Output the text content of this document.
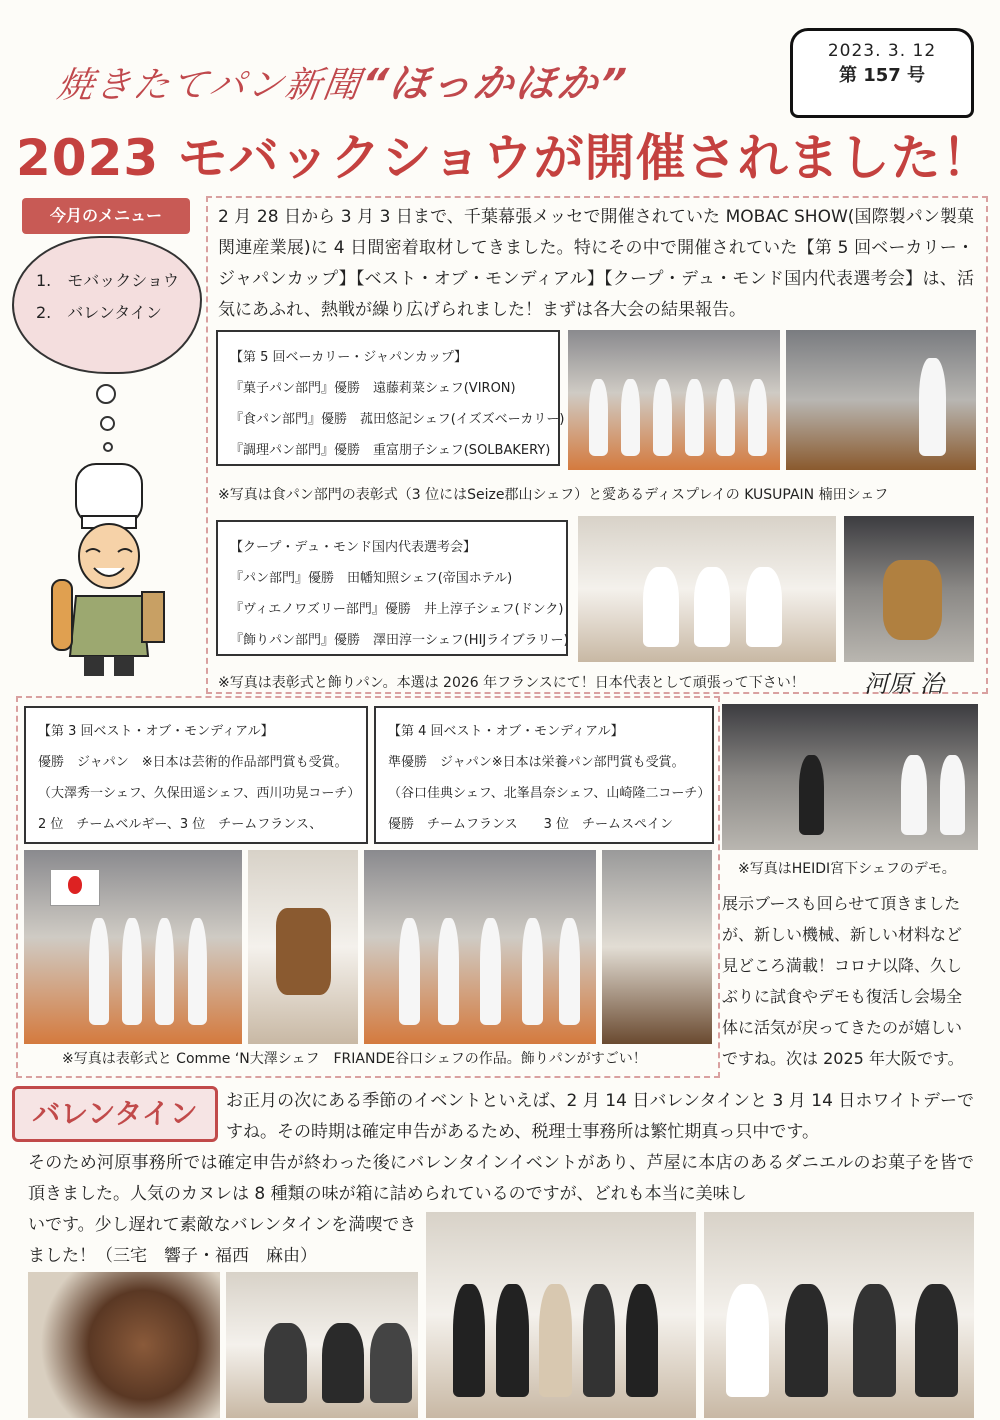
焼きたてパン新聞“ほっかほか”
2023. 3. 12
第 157 号
2023 モバックショウが開催されました！
今月のメニュー
1.　モバックショウ
2.　バレンタイン
2 月 28 日から 3 月 3 日まで、千葉幕張メッセで開催されていた MOBAC SHOW(国際製パン製菓関連産業展)に 4 日間密着取材してきました。特にその中で開催されていた【第 5 回ベーカリー・ジャパンカップ】【ベスト・オブ・モンディアル】【クープ・デュ・モンド国内代表選考会】は、活気にあふれ、熱戦が繰り広げられました！まずは各大会の結果報告。
【第 5 回ベーカリー・ジャパンカップ】
『菓子パン部門』優勝　遠藤莉菜シェフ(VIRON)
『食パン部門』優勝　菰田悠記シェフ(イズズベーカリー)
『調理パン部門』優勝　重富朋子シェフ(SOLBAKERY)
※写真は食パン部門の表彰式（3 位にはSeize郡山シェフ）と愛あるディスプレイの KUSUPAIN 楠田シェフ
【クープ・デュ・モンド国内代表選考会】
『パン部門』優勝　田幡知照シェフ(帝国ホテル)
『ヴィエノワズリー部門』優勝　井上淳子シェフ(ドンク)
『飾りパン部門』優勝　澤田淳一シェフ(HIJライブラリー)
※写真は表彰式と飾りパン。本選は 2026 年フランスにて！日本代表として頑張って下さい！ 河原 治
【第 3 回ベスト・オブ・モンディアル】
優勝　ジャパン　※日本は芸術的作品部門賞も受賞。
（大澤秀一シェフ、久保田遥シェフ、西川功晃コーチ）
2 位　チームベルギー、3 位　チームフランス、
【第 4 回ベスト・オブ・モンディアル】
準優勝　ジャパン※日本は栄養パン部門賞も受賞。
（谷口佳典シェフ、北峯昌奈シェフ、山崎隆二コーチ）
優勝　チームフランス　　3 位　チームスペイン
※写真は表彰式と Comme ‘N大澤シェフ　FRIANDE谷口シェフの作品。飾りパンがすごい！
※写真はHEIDI宮下シェフのデモ。
展示ブースも回らせて頂きましたが、新しい機械、新しい材料など見どころ満載！コロナ以降、久しぶりに試食やデモも復活し会場全体に活気が戻ってきたのが嬉しいですね。次は 2025 年大阪です。
バレンタイン	お正月の次にある季節のイベントといえば、2 月 14 日バレンタインと 3 月 14 日ホワイトデーですね。その時期は確定申告があるため、税理士事務所は繁忙期真っ只中です。
そのため河原事務所では確定申告が終わった後にバレンタインイベントがあり、芦屋に本店のあるダニエルのお菓子を皆で頂きました。人気のカヌレは 8 種類の味が箱に詰められているのですが、どれも本当に美味し
いです。少し遅れて素敵なバレンタインを満喫できました！（三宅　響子・福西　麻由）
